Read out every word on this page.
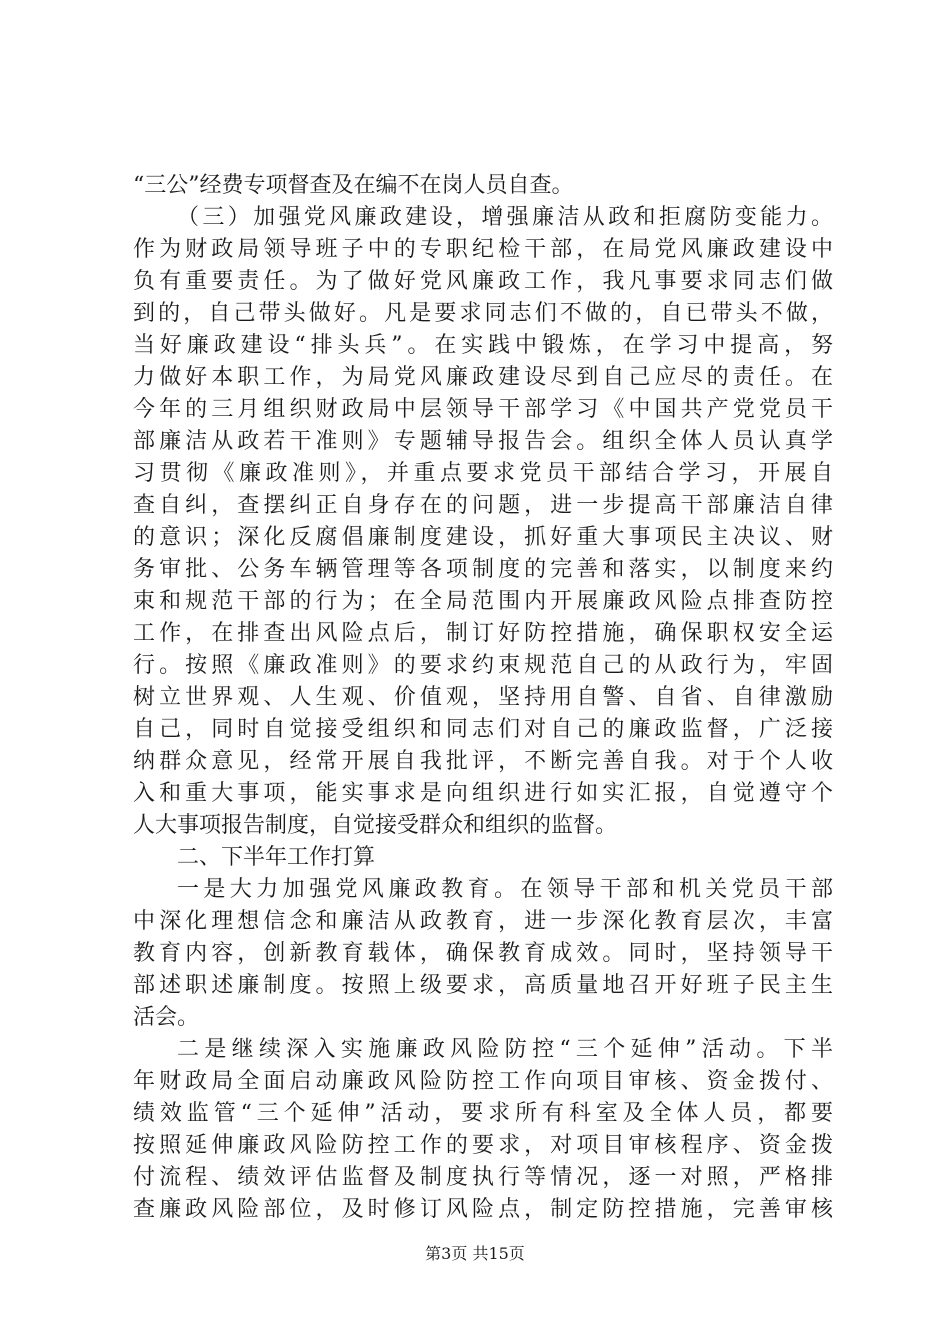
“三公”经费专项督查及在编不在岗人员自查。
（三）加强党风廉政建设，增强廉洁从政和拒腐防变能力。
作为财政局领导班子中的专职纪检干部，在局党风廉政建设中
负有重要责任。为了做好党风廉政工作，我凡事要求同志们做
到的，自己带头做好。凡是要求同志们不做的，自已带头不做，
当好廉政建设“排头兵”。在实践中锻炼，在学习中提高，努
力做好本职工作，为局党风廉政建设尽到自己应尽的责任。在
今年的三月组织财政局中层领导干部学习《中国共产党党员干
部廉洁从政若干准则》专题辅导报告会。组织全体人员认真学
习贯彻《廉政准则》，并重点要求党员干部结合学习，开展自
查自纠，查摆纠正自身存在的问题，进一步提高干部廉洁自律
的意识；深化反腐倡廉制度建设，抓好重大事项民主决议、财
务审批、公务车辆管理等各项制度的完善和落实，以制度来约
束和规范干部的行为；在全局范围内开展廉政风险点排查防控
工作，在排查出风险点后，制订好防控措施，确保职权安全运
行。按照《廉政准则》的要求约束规范自己的从政行为，牢固
树立世界观、人生观、价值观，坚持用自警、自省、自律激励
自己，同时自觉接受组织和同志们对自己的廉政监督，广泛接
纳群众意见，经常开展自我批评，不断完善自我。对于个人收
入和重大事项，能实事求是向组织进行如实汇报，自觉遵守个
人大事项报告制度，自觉接受群众和组织的监督。
二、下半年工作打算
一是大力加强党风廉政教育。在领导干部和机关党员干部
中深化理想信念和廉洁从政教育，进一步深化教育层次，丰富
教育内容，创新教育载体，确保教育成效。同时，坚持领导干
部述职述廉制度。按照上级要求，高质量地召开好班子民主生
活会。
二是继续深入实施廉政风险防控“三个延伸”活动。下半
年财政局全面启动廉政风险防控工作向项目审核、资金拨付、
绩效监管“三个延伸”活动，要求所有科室及全体人员，都要
按照延伸廉政风险防控工作的要求，对项目审核程序、资金拨
付流程、绩效评估监督及制度执行等情况，逐一对照，严格排
查廉政风险部位，及时修订风险点，制定防控措施，完善审核
第3页 共15页
